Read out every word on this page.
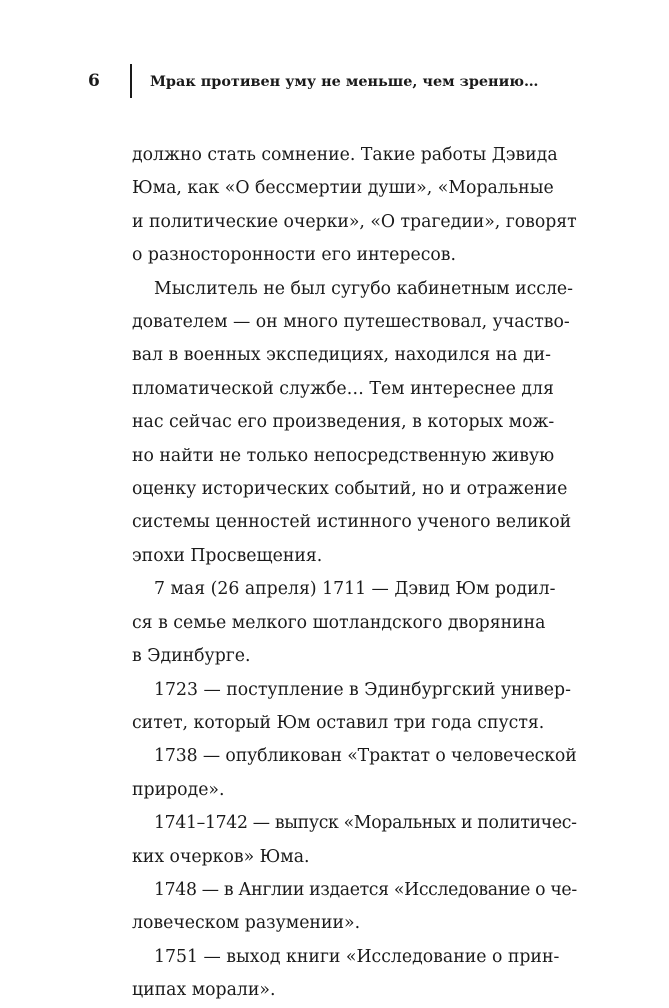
6	Мрак противен уму не меньше, чем зрению…
должно стать сомнение. Такие работы Дэвида
Юма, как «О бессмертии души», «Моральные
и политические очерки», «О трагедии», говорят
о разносторонности его интересов.
Мыслитель не был сугубо кабинетным иссле-
дователем — он много путешествовал, участво-
вал в военных экспедициях, находился на ди-
пломатической службе… Тем интереснее для
нас сейчас его произведения, в которых мож-
но найти не только непосредственную живую
оценку исторических событий, но и отражение
системы ценностей истинного ученого великой
эпохи Просвещения.
7 мая (26 апреля) 1711 — Дэвид Юм родил-
ся в семье мелкого шотландского дворянина
в Эдинбурге.
1723 — поступление в Эдинбургский универ-
ситет, который Юм оставил три года спустя.
1738 — опубликован «Трактат о человеческой
природе».
1741–1742 — выпуск «Моральных и политичес-
ких очерков» Юма.
1748 — в Англии издается «Исследование о че-
ловеческом разумении».
1751 — выход книги «Исследование о прин-
ципах морали».
